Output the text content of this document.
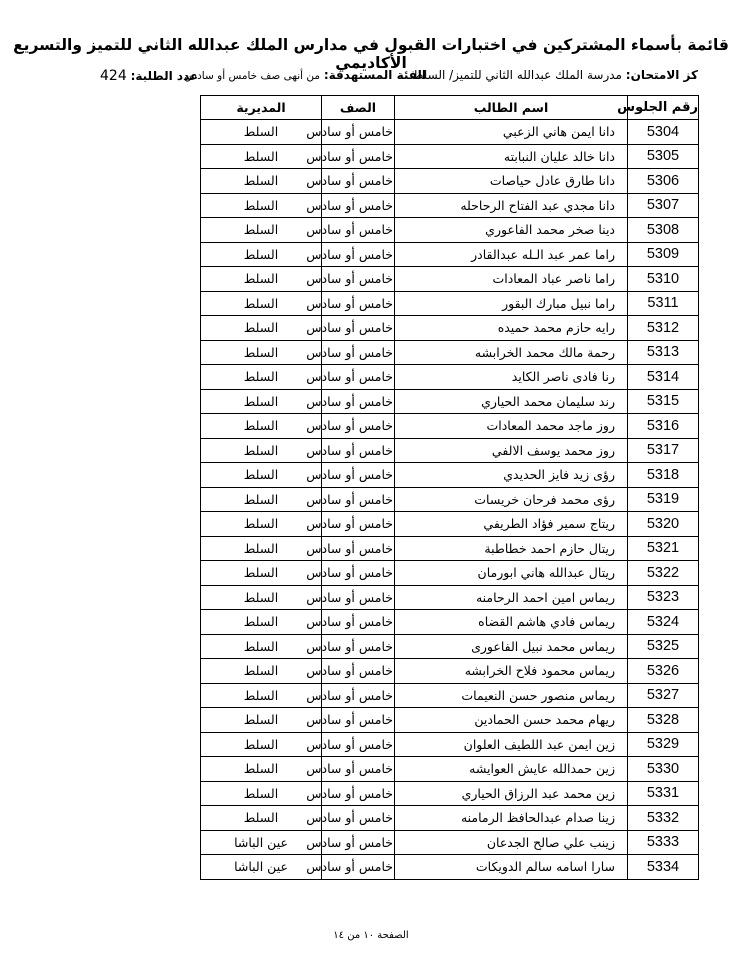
قائمة بأسماء المشتركين في اختبارات القبول في مدارس الملك عبدالله الثاني للتميز والتسريع الأكاديمي
كز الامتحان: مدرسة الملك عبدالله الثاني للتميز/ السلط
الفئة المستهدفة: من أنهى صف خامس أو سادس
عدد الطلبة: 424
رقم الجلوس	اسم الطالب	الصف	المديرية
5304	دانا ايمن هاني الزعبي	خامس أو سادس	السلط
5305	دانا خالد عليان النبابته	خامس أو سادس	السلط
5306	دانا طارق عادل حياصات	خامس أو سادس	السلط
5307	دانا مجدي عبد الفتاح الرحاحله	خامس أو سادس	السلط
5308	دينا صخر محمد الفاعوري	خامس أو سادس	السلط
5309	راما عمر عبد الـله عبدالقادر	خامس أو سادس	السلط
5310	راما ناصر عباد المعادات	خامس أو سادس	السلط
5311	راما نبيل مبارك البقور	خامس أو سادس	السلط
5312	رايه حازم محمد حميده	خامس أو سادس	السلط
5313	رحمة مالك محمد الخرابشه	خامس أو سادس	السلط
5314	رنا فادى ناصر الكايد	خامس أو سادس	السلط
5315	رند سليمان محمد الحياري	خامس أو سادس	السلط
5316	روز ماجد محمد المعادات	خامس أو سادس	السلط
5317	روز محمد يوسف الالفي	خامس أو سادس	السلط
5318	رؤى زيد فايز الحديدي	خامس أو سادس	السلط
5319	رؤى محمد فرحان خريسات	خامس أو سادس	السلط
5320	ريتاج سمير فؤاد الطريفي	خامس أو سادس	السلط
5321	ريتال حازم احمد خطاطبة	خامس أو سادس	السلط
5322	ريتال عبدالله هاني ابورمان	خامس أو سادس	السلط
5323	ريماس امين احمد الرحامنه	خامس أو سادس	السلط
5324	ريماس فادي هاشم القضاه	خامس أو سادس	السلط
5325	ريماس محمد نبيل الفاعورى	خامس أو سادس	السلط
5326	ريماس محمود فلاح الخرابشه	خامس أو سادس	السلط
5327	ريماس منصور حسن النعيمات	خامس أو سادس	السلط
5328	ريهام محمد حسن الحمادين	خامس أو سادس	السلط
5329	زين ايمن عبد اللطيف العلوان	خامس أو سادس	السلط
5330	زين حمدالله عايش العوايشه	خامس أو سادس	السلط
5331	زين محمد عبد الرزاق الحياري	خامس أو سادس	السلط
5332	زينا صدام عبدالحافظ الرمامنه	خامس أو سادس	السلط
5333	زينب علي صالح الجدعان	خامس أو سادس	عين الباشا
5334	سارا اسامه سالم الدويكات	خامس أو سادس	عين الباشا
الصفحة ١٠ من ١٤
